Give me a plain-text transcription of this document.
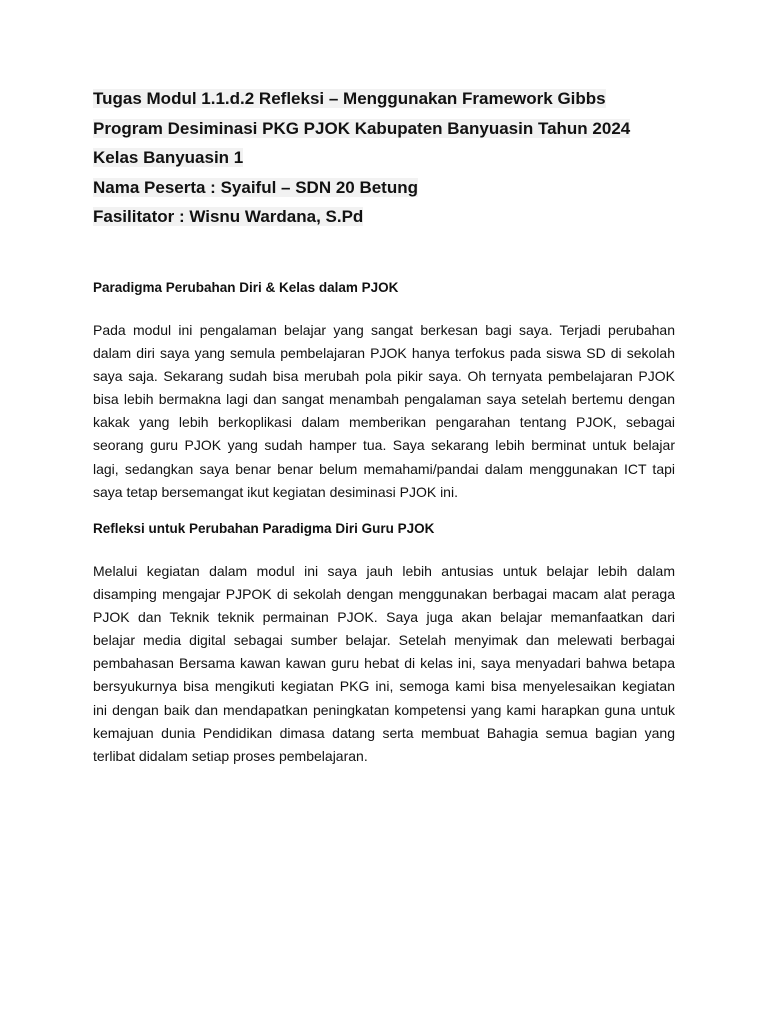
Tugas Modul 1.1.d.2 Refleksi – Menggunakan Framework Gibbs
Program Desiminasi PKG PJOK Kabupaten Banyuasin Tahun 2024
Kelas Banyuasin 1
Nama Peserta : Syaiful – SDN 20 Betung
Fasilitator : Wisnu Wardana, S.Pd

Paradigma Perubahan Diri & Kelas dalam PJOK

Pada modul ini pengalaman belajar yang sangat berkesan bagi saya. Terjadi perubahan
dalam diri saya yang semula pembelajaran PJOK hanya terfokus pada siswa SD di sekolah
saya saja. Sekarang sudah bisa merubah pola pikir saya. Oh ternyata pembelajaran PJOK
bisa lebih bermakna lagi dan sangat menambah pengalaman saya setelah bertemu dengan
kakak yang lebih berkoplikasi dalam memberikan pengarahan tentang PJOK, sebagai
seorang guru PJOK yang sudah hamper tua. Saya sekarang lebih berminat untuk belajar
lagi, sedangkan saya benar benar belum memahami/pandai dalam menggunakan ICT tapi
saya tetap bersemangat ikut kegiatan desiminasi PJOK ini.

Refleksi untuk Perubahan Paradigma Diri Guru PJOK

Melalui kegiatan dalam modul ini saya jauh lebih antusias untuk belajar lebih dalam
disamping mengajar PJPOK di sekolah dengan menggunakan berbagai macam alat peraga
PJOK dan Teknik teknik permainan PJOK. Saya juga akan belajar memanfaatkan dari
belajar media digital sebagai sumber belajar. Setelah menyimak dan melewati berbagai
pembahasan Bersama kawan kawan guru hebat di kelas ini, saya menyadari bahwa betapa
bersyukurnya bisa mengikuti kegiatan PKG ini, semoga kami bisa menyelesaikan kegiatan
ini dengan baik dan mendapatkan peningkatan kompetensi yang kami harapkan guna untuk
kemajuan dunia Pendidikan dimasa datang serta membuat Bahagia semua bagian yang
terlibat didalam setiap proses pembelajaran.
